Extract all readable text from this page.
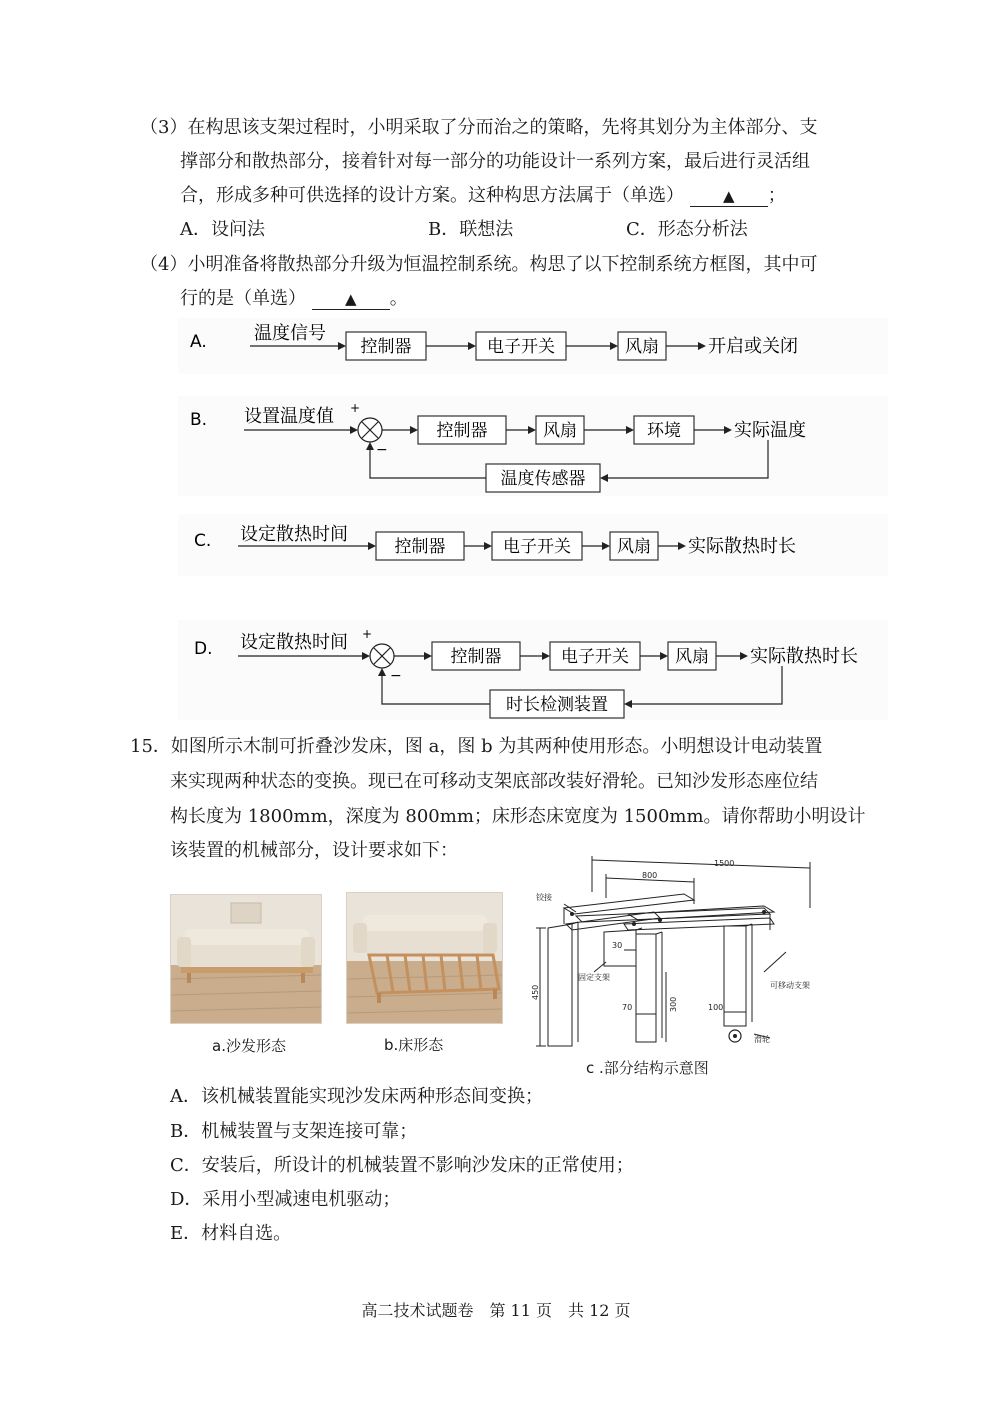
（3）在构思该支架过程时，小明采取了分而治之的策略，先将其划分为主体部分、支
撑部分和散热部分，接着针对每一部分的功能设计一系列方案，最后进行灵活组
合，形成多种可供选择的设计方案。这种构思方法属于（单选）	▲ ；
A．设问法	B．联想法	C．形态分析法
（4）小明准备将散热部分升级为恒温控制系统。构思了以下控制系统方框图，其中可
行的是（单选）	▲ 。
A.	温度信号
控制器	电子开关	风扇	开启或关闭
B. 设置温度值 +
−
控制器	风扇	环境	实际温度
温度传感器
C. 设定散热时间
控制器	电子开关	风扇 实际散热时长
D. 设定散热时间 +
−
控制器	电子开关	风扇 实际散热时长
时长检测装置
15．如图所示木制可折叠沙发床，图 a，图 b 为其两种使用形态。小明想设计电动装置
来实现两种状态的变换。现已在可移动支架底部改装好滑轮。已知沙发形态座位结
构长度为 1800mm，深度为 800mm；床形态床宽度为 1500mm。请你帮助小明设计
该装置的机械部分，设计要求如下：
a.沙发形态	b.床形态
1500
800
铰接
30
固定支架
可移动支架
70	100
滑轮
450
300
c .部分结构示意图
A．该机械装置能实现沙发床两种形态间变换；
B．机械装置与支架连接可靠；
C．安装后，所设计的机械装置不影响沙发床的正常使用；
D．采用小型减速电机驱动；
E．材料自选。
高二技术试题卷　第 11 页　共 12 页
